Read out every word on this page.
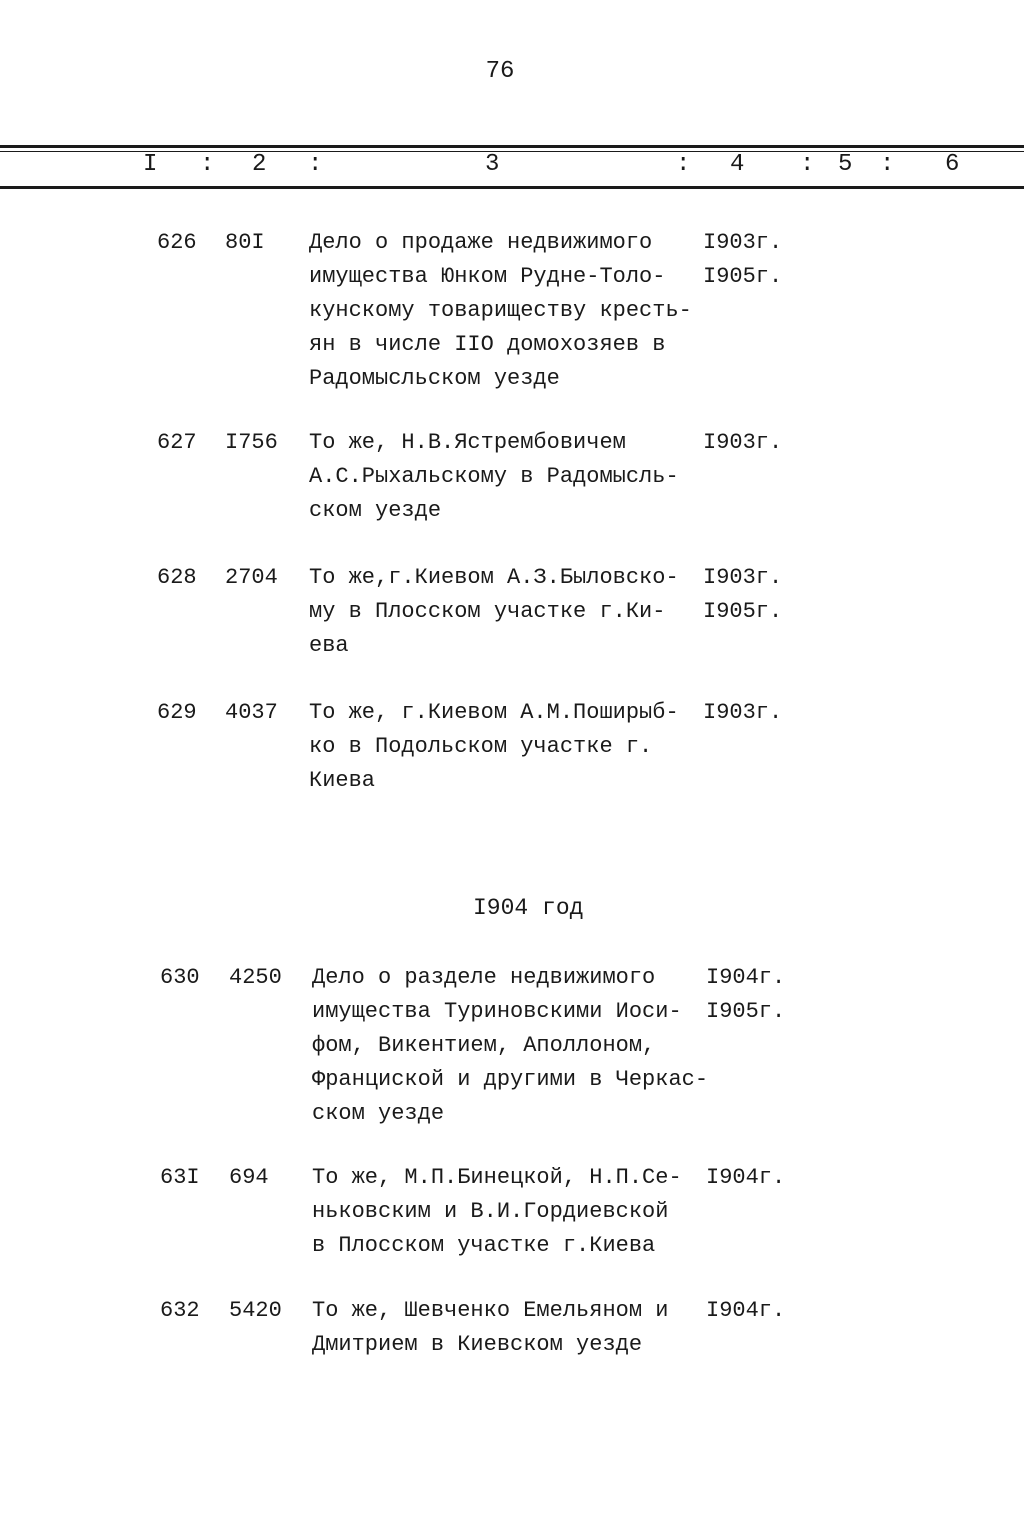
76
I : 2 :	3	: 4 : 5 : 6
626	80I	Дело о продаже недвижимого
имущества Юнком Рудне-Толо-
кунскому товариществу кресть-
ян в числе IIО домохозяев в
Радомысльском уезде
I903г.
I905г.
627	I756	То же, Н.В.Ястрембовичем
А.С.Рыхальскому в Радомысль-
ском уезде
I903г.
628	2704	То же,г.Киевом А.З.Быловско-
му в Плосском участке г.Ки-
ева
I903г.
I905г.
629	4037	То же, г.Киевом А.М.Поширыб-
ко в Подольском участке г.
Киева
I903г.
I904 год
630	4250	Дело о разделе недвижимого
имущества Туриновскими Иоси-
фом, Викентием, Аполлоном,
Франциской и другими в Черкас-
ском уезде
I904г.
I905г.
63I	694	То же, М.П.Бинецкой, Н.П.Се-
ньковским и В.И.Гордиевской
в Плосском участке г.Киева
I904г.
632	5420	То же, Шевченко Емельяном и
Дмитрием в Киевском уезде
I904г.
